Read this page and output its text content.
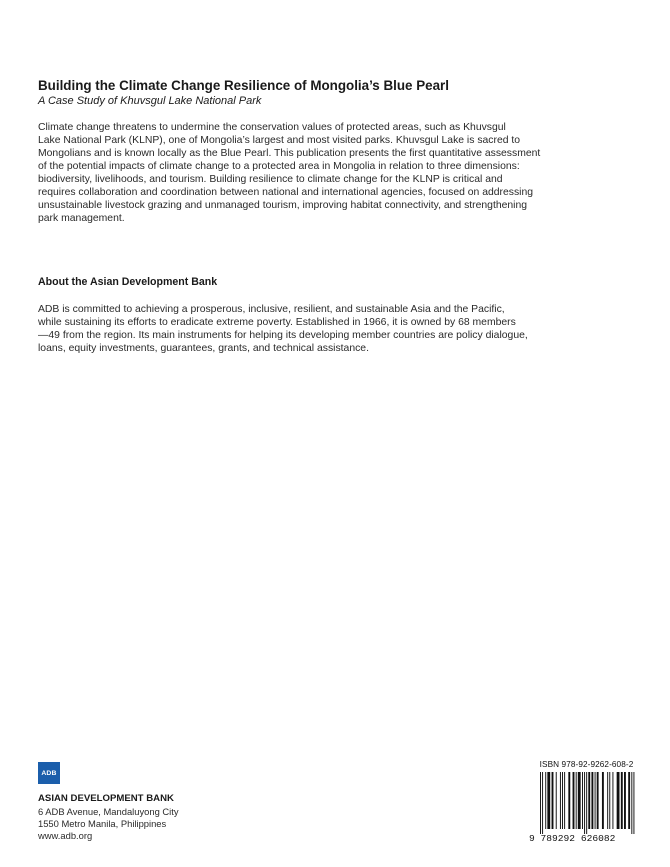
Building the Climate Change Resilience of Mongolia’s Blue Pearl
A Case Study of Khuvsgul Lake National Park

Climate change threatens to undermine the conservation values of protected areas, such as Khuvsgul
Lake National Park (KLNP), one of Mongolia’s largest and most visited parks. Khuvsgul Lake is sacred to
Mongolians and is known locally as the Blue Pearl. This publication presents the first quantitative assessment
of the potential impacts of climate change to a protected area in Mongolia in relation to three dimensions:
biodiversity, livelihoods, and tourism. Building resilience to climate change for the KLNP is critical and
requires collaboration and coordination between national and international agencies, focused on addressing
unsustainable livestock grazing and unmanaged tourism, improving habitat connectivity, and strengthening
park management.

About the Asian Development Bank

ADB is committed to achieving a prosperous, inclusive, resilient, and sustainable Asia and the Pacific,
while sustaining its efforts to eradicate extreme poverty. Established in 1966, it is owned by 68 members
—49 from the region. Its main instruments for helping its developing member countries are policy dialogue,
loans, equity investments, guarantees, grants, and technical assistance.

ADB
ASIAN DEVELOPMENT BANK
6 ADB Avenue, Mandaluyong City
1550 Metro Manila, Philippines
www.adb.org
ISBN 978-92-9262-608-2
9 789292 626082
